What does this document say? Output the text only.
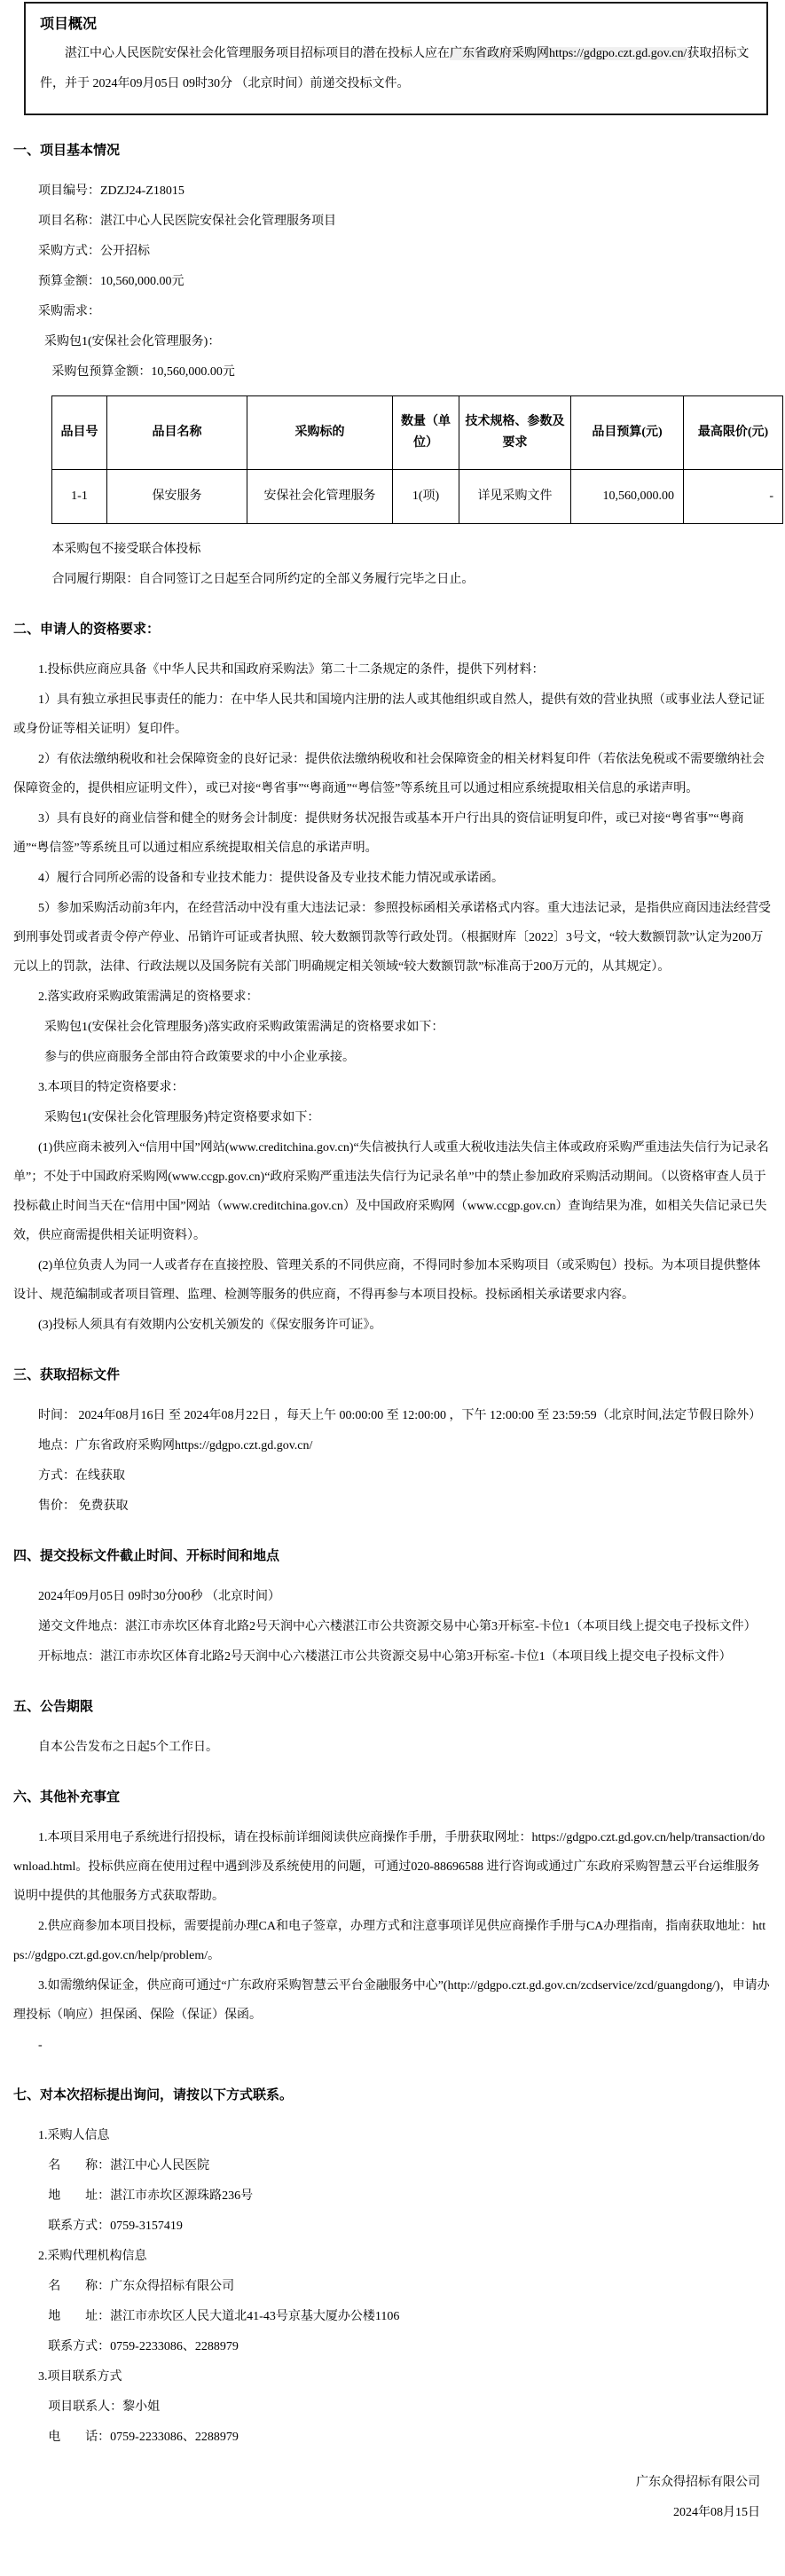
项目概况

湛江中心人民医院安保社会化管理服务项目招标项目的潜在投标人应在广东省政府采购网https://gdgpo.czt.gd.gov.cn/获取招标文件，并于 2024年09月05日 09时30分 （北京时间）前递交投标文件。

一、项目基本情况

项目编号：ZDZJ24-Z18015

项目名称：湛江中心人民医院安保社会化管理服务项目

采购方式：公开招标

预算金额：10,560,000.00元

采购需求：

采购包1(安保社会化管理服务)：

采购包预算金额：10,560,000.00元

品目号	品目名称	采购标的	数量（单位）	技术规格、参数及要求	品目预算(元)	最高限价(元)
1-1	保安服务	安保社会化管理服务	1(项)	详见采购文件	10,560,000.00	-

本采购包不接受联合体投标

合同履行期限：自合同签订之日起至合同所约定的全部义务履行完毕之日止。

二、申请人的资格要求：

1.投标供应商应具备《中华人民共和国政府采购法》第二十二条规定的条件，提供下列材料：

1）具有独立承担民事责任的能力：在中华人民共和国境内注册的法人或其他组织或自然人，提供有效的营业执照（或事业法人登记证或身份证等相关证明）复印件。

2）有依法缴纳税收和社会保障资金的良好记录：提供依法缴纳税收和社会保障资金的相关材料复印件（若依法免税或不需要缴纳社会保障资金的，提供相应证明文件），或已对接“粤省事”“粤商通”“粤信签”等系统且可以通过相应系统提取相关信息的承诺声明。

3）具有良好的商业信誉和健全的财务会计制度：提供财务状况报告或基本开户行出具的资信证明复印件，或已对接“粤省事”“粤商通”“粤信签”等系统且可以通过相应系统提取相关信息的承诺声明。

4）履行合同所必需的设备和专业技术能力：提供设备及专业技术能力情况或承诺函。

5）参加采购活动前3年内，在经营活动中没有重大违法记录：参照投标函相关承诺格式内容。重大违法记录，是指供应商因违法经营受到刑事处罚或者责令停产停业、吊销许可证或者执照、较大数额罚款等行政处罚。（根据财库〔2022〕3号文，“较大数额罚款”认定为200万元以上的罚款，法律、行政法规以及国务院有关部门明确规定相关领域“较大数额罚款”标准高于200万元的，从其规定）。

2.落实政府采购政策需满足的资格要求：

采购包1(安保社会化管理服务)落实政府采购政策需满足的资格要求如下：

参与的供应商服务全部由符合政策要求的中小企业承接。

3.本项目的特定资格要求：

采购包1(安保社会化管理服务)特定资格要求如下：

(1)供应商未被列入“信用中国”网站(www.creditchina.gov.cn)“失信被执行人或重大税收违法失信主体或政府采购严重违法失信行为记录名单”；不处于中国政府采购网(www.ccgp.gov.cn)“政府采购严重违法失信行为记录名单”中的禁止参加政府采购活动期间。（以资格审查人员于投标截止时间当天在“信用中国”网站（www.creditchina.gov.cn）及中国政府采购网（www.ccgp.gov.cn）查询结果为准，如相关失信记录已失效，供应商需提供相关证明资料）。

(2)单位负责人为同一人或者存在直接控股、管理关系的不同供应商，不得同时参加本采购项目（或采购包）投标。为本项目提供整体设计、规范编制或者项目管理、监理、检测等服务的供应商，不得再参与本项目投标。投标函相关承诺要求内容。

(3)投标人须具有有效期内公安机关颁发的《保安服务许可证》。

三、获取招标文件

时间： 2024年08月16日 至 2024年08月22日 ，每天上午 00:00:00 至 12:00:00 ，下午 12:00:00 至 23:59:59（北京时间,法定节假日除外）

地点：广东省政府采购网https://gdgpo.czt.gd.gov.cn/

方式：在线获取

售价： 免费获取

四、提交投标文件截止时间、开标时间和地点

2024年09月05日 09时30分00秒 （北京时间）

递交文件地点：湛江市赤坎区体育北路2号天润中心六楼湛江市公共资源交易中心第3开标室-卡位1（本项目线上提交电子投标文件）

开标地点：湛江市赤坎区体育北路2号天润中心六楼湛江市公共资源交易中心第3开标室-卡位1（本项目线上提交电子投标文件）

五、公告期限

自本公告发布之日起5个工作日。

六、其他补充事宜

1.本项目采用电子系统进行招投标，请在投标前详细阅读供应商操作手册，手册获取网址：https://gdgpo.czt.gd.gov.cn/help/transaction/download.html。投标供应商在使用过程中遇到涉及系统使用的问题，可通过020-88696588 进行咨询或通过广东政府采购智慧云平台运维服务说明中提供的其他服务方式获取帮助。

2.供应商参加本项目投标，需要提前办理CA和电子签章，办理方式和注意事项详见供应商操作手册与CA办理指南，指南获取地址：https://gdgpo.czt.gd.gov.cn/help/problem/。

3.如需缴纳保证金，供应商可通过“广东政府采购智慧云平台金融服务中心”(http://gdgpo.czt.gd.gov.cn/zcdservice/zcd/guangdong/)，申请办理投标（响应）担保函、保险（保证）保函。

-

七、对本次招标提出询问，请按以下方式联系。

1.采购人信息

名　　称：湛江中心人民医院

地　　址：湛江市赤坎区源珠路236号

联系方式：0759-3157419

2.采购代理机构信息

名　　称：广东众得招标有限公司

地　　址：湛江市赤坎区人民大道北41-43号京基大厦办公楼1106

联系方式：0759-2233086、2288979

3.项目联系方式

项目联系人：黎小姐

电　　话：0759-2233086、2288979

广东众得招标有限公司

2024年08月15日
